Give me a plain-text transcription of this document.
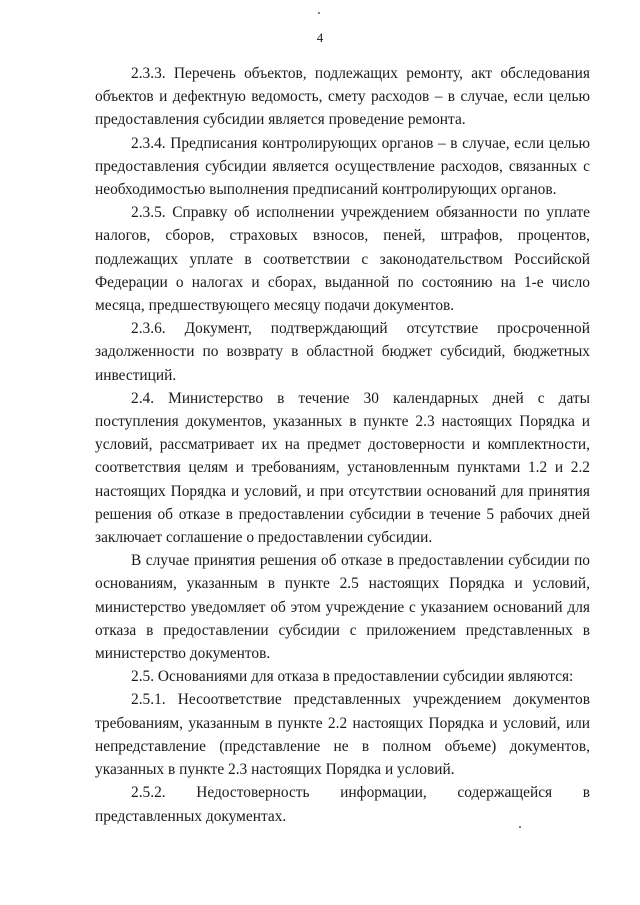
4

2.3.3. Перечень объектов, подлежащих ремонту, акт обследования объектов и дефектную ведомость, смету расходов – в случае, если целью предоставления субсидии является проведение ремонта.

2.3.4. Предписания контролирующих органов – в случае, если целью предоставления субсидии является осуществление расходов, связанных с необходимостью выполнения предписаний контролирующих органов.

2.3.5. Справку об исполнении учреждением обязанности по уплате налогов, сборов, страховых взносов, пеней, штрафов, процентов, подлежащих уплате в соответствии с законодательством Российской Федерации о налогах и сборах, выданной по состоянию на 1-е число месяца, предшествующего месяцу подачи документов.

2.3.6. Документ, подтверждающий отсутствие просроченной задолженности по возврату в областной бюджет субсидий, бюджетных инвестиций.

2.4. Министерство в течение 30 календарных дней с даты поступления документов, указанных в пункте 2.3 настоящих Порядка и условий, рассматривает их на предмет достоверности и комплектности, соответствия целям и требованиям, установленным пунктами 1.2 и 2.2 настоящих Порядка и условий, и при отсутствии оснований для принятия решения об отказе в предоставлении субсидии в течение 5 рабочих дней заключает соглашение о предоставлении субсидии.

В случае принятия решения об отказе в предоставлении субсидии по основаниям, указанным в пункте 2.5 настоящих Порядка и условий, министерство уведомляет об этом учреждение с указанием оснований для отказа в предоставлении субсидии с приложением представленных в министерство документов.

2.5. Основаниями для отказа в предоставлении субсидии являются:

2.5.1. Несоответствие представленных учреждением документов требованиям, указанным в пункте 2.2 настоящих Порядка и условий, или непредставление (представление не в полном объеме) документов, указанных в пункте 2.3 настоящих Порядка и условий.

2.5.2. Недостоверность информации, содержащейся в представленных документах.
